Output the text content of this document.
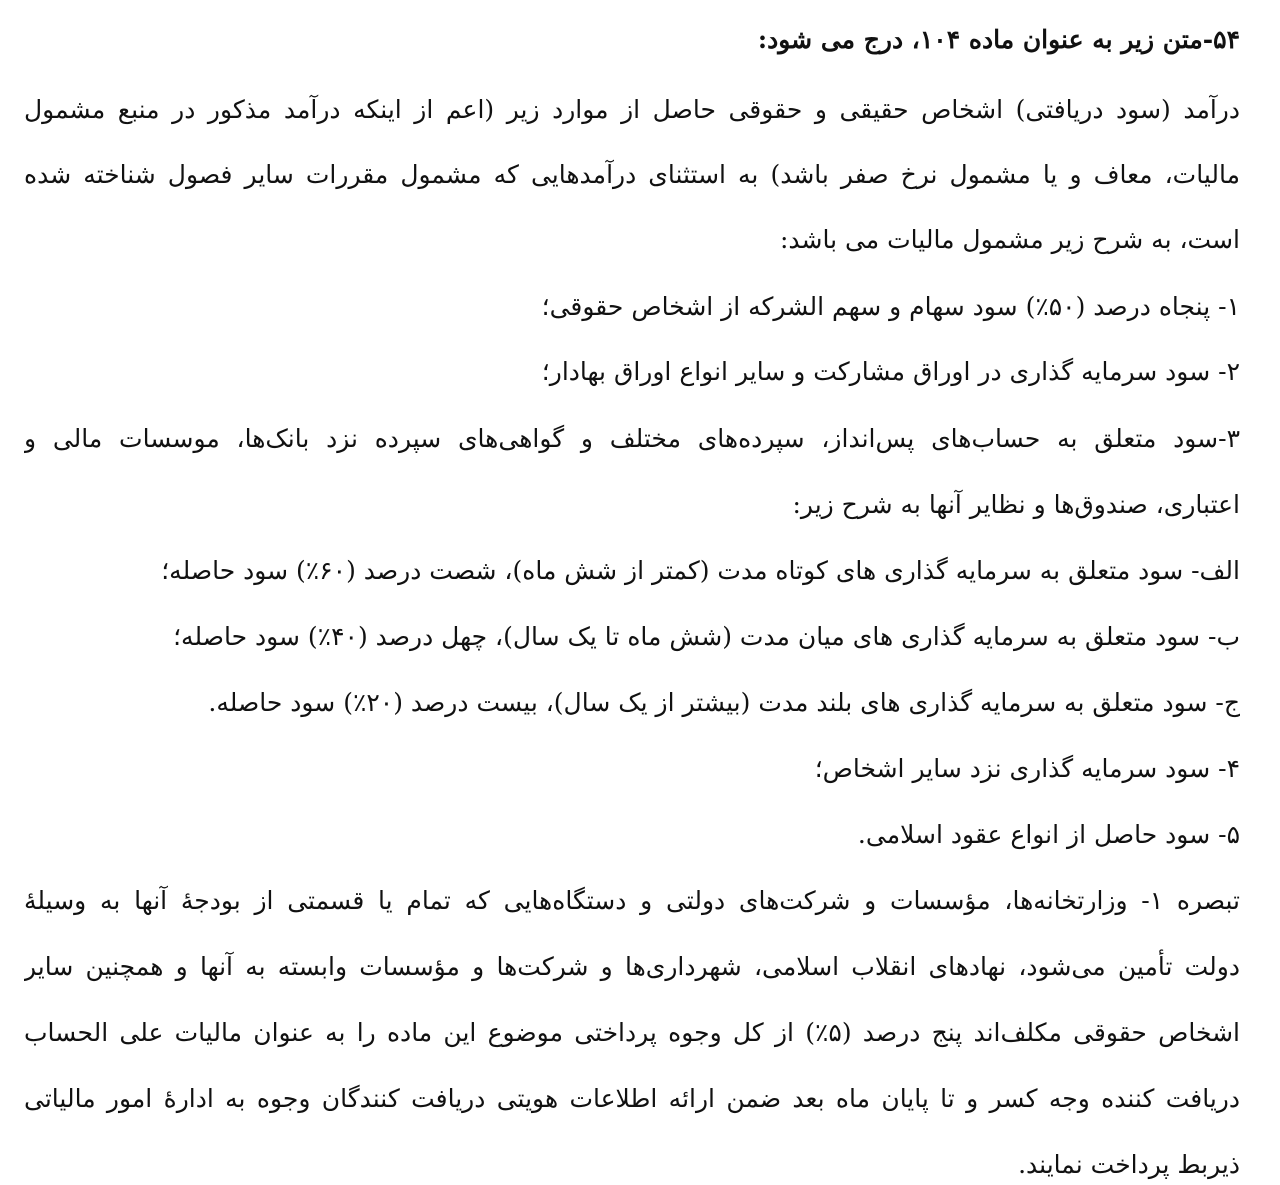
۵۴-متن زیر به عنوان ماده ۱۰۴، درج می شود:
درآمد (سود دریافتی) اشخاص حقیقی و حقوقی حاصل از موارد زیر (اعم از اینکه درآمد مذکور در منبع مشمول
مالیات، معاف و یا مشمول نرخ صفر باشد) به استثنای درآمدهایی که مشمول مقررات سایر فصول شناخته شده
است، به شرح زیر مشمول مالیات می باشد:
۱- پنجاه درصد (۵۰٪) سود سهام و سهم الشرکه از اشخاص حقوقی؛
۲- سود سرمایه گذاری در اوراق مشارکت و سایر انواع اوراق بهادار؛
۳-سود متعلق به حساب‌های پس‌انداز، سپرده‌های مختلف و گواهی‌های سپرده نزد بانک‌ها، موسسات مالی و
اعتباری، صندوق‌ها و نظایر آنها به شرح زیر:
الف- سود متعلق به سرمایه گذاری های کوتاه مدت (کمتر از شش ماه)، شصت درصد (۶۰٪) سود حاصله؛
ب- سود متعلق به سرمایه گذاری های میان مدت (شش ماه تا یک سال)، چهل درصد (۴۰٪) سود حاصله؛
ج- سود متعلق به سرمایه گذاری های بلند مدت (بیشتر از یک سال)، بیست درصد (۲۰٪) سود حاصله.
۴- سود سرمایه گذاری نزد سایر اشخاص؛
۵- سود حاصل از انواع عقود اسلامی.
تبصره ۱- وزارتخانه‌ها، مؤسسات و شرکت‌های دولتی و دستگاه‌هایی که تمام یا قسمتی از بودجهٔ آنها به وسیلهٔ
دولت تأمین می‌شود، نهادهای انقلاب اسلامی، شهرداری‌ها و شرکت‌ها و مؤسسات وابسته به آنها و همچنین سایر
اشخاص حقوقی مکلف‌اند پنج درصد (۵٪) از کل وجوه پرداختی موضوع این ماده را به عنوان مالیات علی الحساب
دریافت کننده وجه کسر و تا پایان ماه بعد ضمن ارائه اطلاعات هویتی دریافت کنندگان وجوه به ادارهٔ امور مالیاتی
ذیربط پرداخت نمایند.
